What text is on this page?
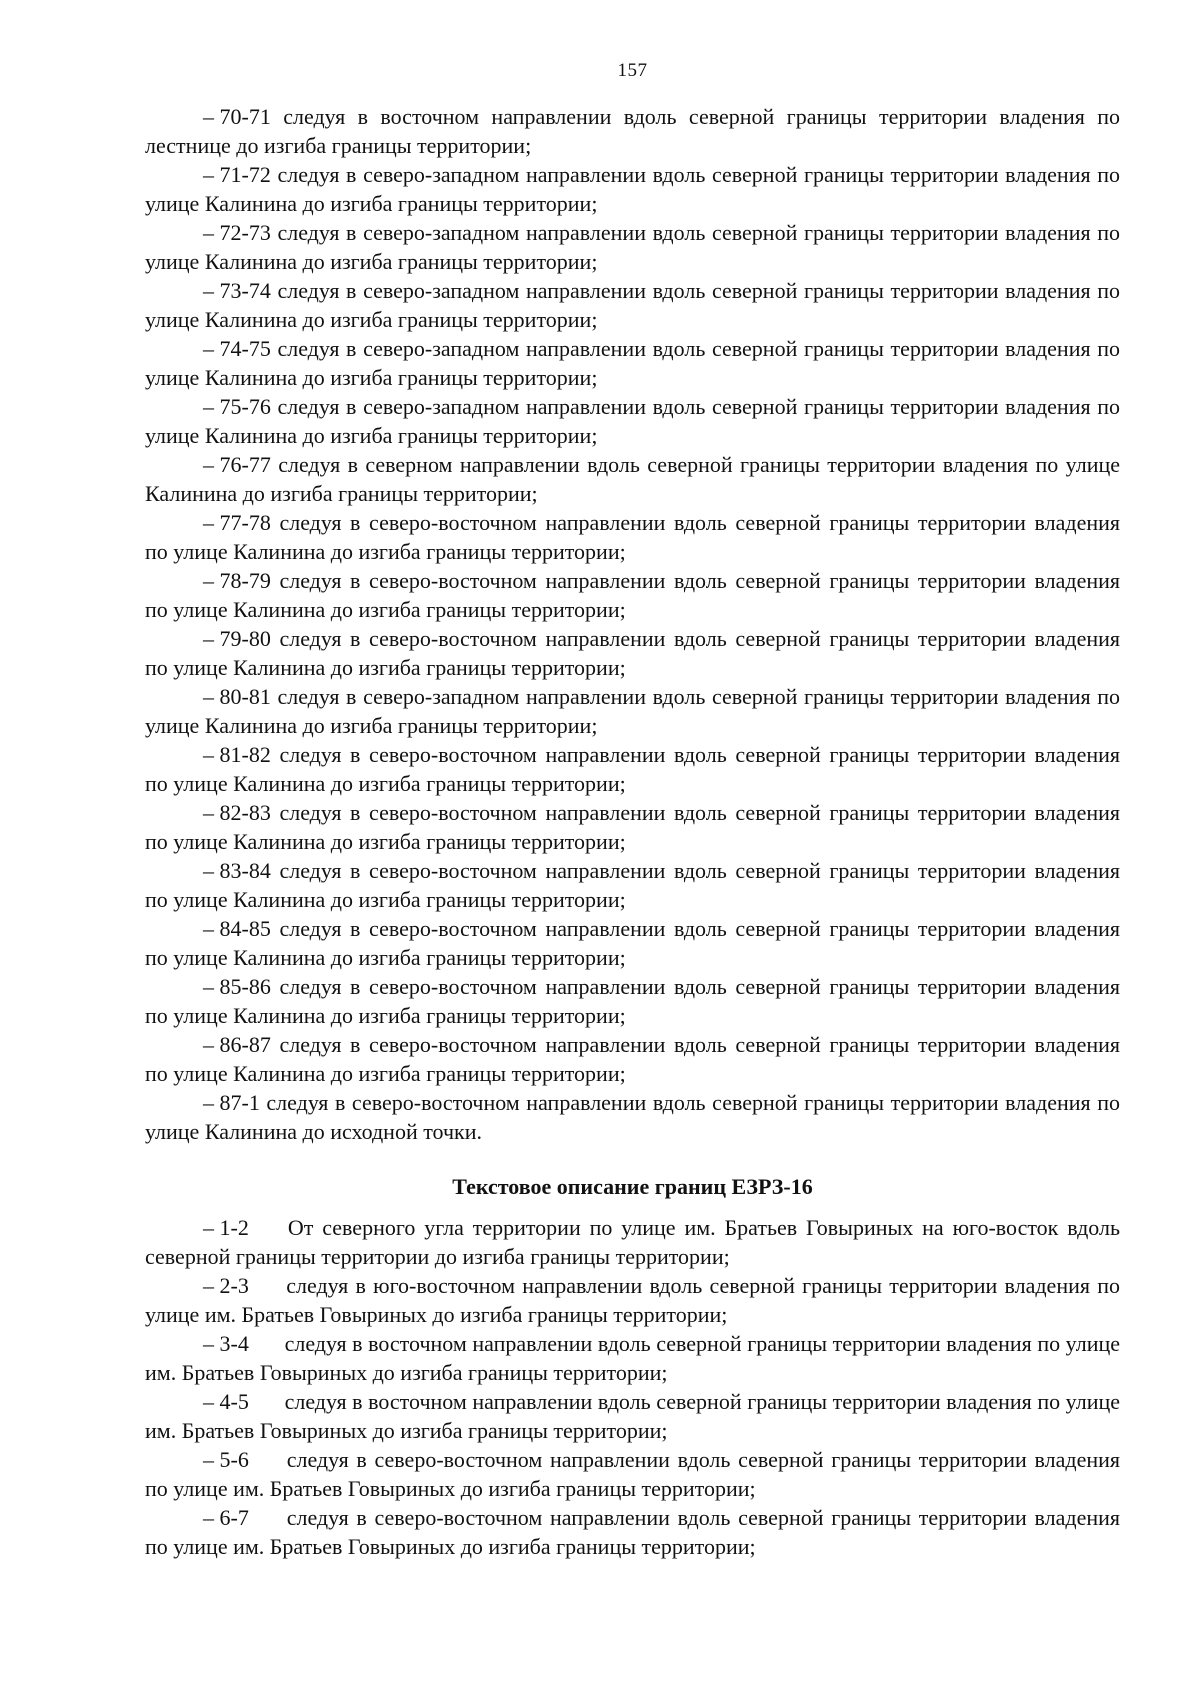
157

– 70-71 следуя в восточном направлении вдоль северной границы территории владения по лестнице до изгиба границы территории;

– 71-72 следуя в северо-западном направлении вдоль северной границы территории владения по улице Калинина до изгиба границы территории;

– 72-73 следуя в северо-западном направлении вдоль северной границы территории владения по улице Калинина до изгиба границы территории;

– 73-74 следуя в северо-западном направлении вдоль северной границы территории владения по улице Калинина до изгиба границы территории;

– 74-75 следуя в северо-западном направлении вдоль северной границы территории владения по улице Калинина до изгиба границы территории;

– 75-76 следуя в северо-западном направлении вдоль северной границы территории владения по улице Калинина до изгиба границы территории;

– 76-77 следуя в северном направлении вдоль северной границы территории владения по улице Калинина до изгиба границы территории;

– 77-78 следуя в северо-восточном направлении вдоль северной границы территории владения по улице Калинина до изгиба границы территории;

– 78-79 следуя в северо-восточном направлении вдоль северной границы территории владения по улице Калинина до изгиба границы территории;

– 79-80 следуя в северо-восточном направлении вдоль северной границы территории владения по улице Калинина до изгиба границы территории;

– 80-81 следуя в северо-западном направлении вдоль северной границы территории владения по улице Калинина до изгиба границы территории;

– 81-82 следуя в северо-восточном направлении вдоль северной границы территории владения по улице Калинина до изгиба границы территории;

– 82-83 следуя в северо-восточном направлении вдоль северной границы территории владения по улице Калинина до изгиба границы территории;

– 83-84 следуя в северо-восточном направлении вдоль северной границы территории владения по улице Калинина до изгиба границы территории;

– 84-85 следуя в северо-восточном направлении вдоль северной границы территории владения по улице Калинина до изгиба границы территории;

– 85-86 следуя в северо-восточном направлении вдоль северной границы территории владения по улице Калинина до изгиба границы территории;

– 86-87 следуя в северо-восточном направлении вдоль северной границы территории владения по улице Калинина до изгиба границы территории;

– 87-1 следуя в северо-восточном направлении вдоль северной границы территории владения по улице Калинина до исходной точки.

Текстовое описание границ ЕЗРЗ-16

– 1-2 От северного угла территории по улице им. Братьев Говыриных на юго-восток вдоль северной границы территории до изгиба границы территории;

– 2-3 следуя в юго-восточном направлении вдоль северной границы территории владения по улице им. Братьев Говыриных до изгиба границы территории;

– 3-4 следуя в восточном направлении вдоль северной границы территории владения по улице им. Братьев Говыриных до изгиба границы территории;

– 4-5 следуя в восточном направлении вдоль северной границы территории владения по улице им. Братьев Говыриных до изгиба границы территории;

– 5-6 следуя в северо-восточном направлении вдоль северной границы территории владения по улице им. Братьев Говыриных до изгиба границы территории;

– 6-7 следуя в северо-восточном направлении вдоль северной границы территории владения по улице им. Братьев Говыриных до изгиба границы территории;
